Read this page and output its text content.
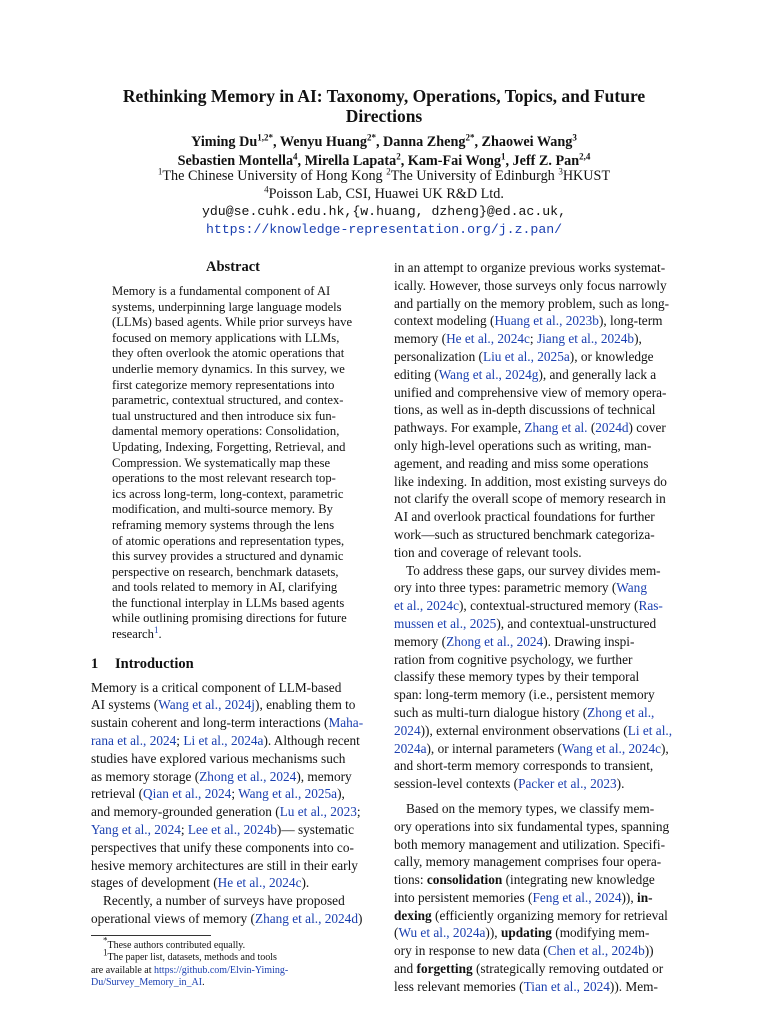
Rethinking Memory in AI: Taxonomy, Operations, Topics, and Future Directions
Yiming $Du^{1,2*}$, Wenyu Huang$^{2*}$, Danna Zheng$^{2*}$, Zhaowei Wang$^3$
Sebastien Montella$^4$, Mirella Lapata$^2$, Kam-Fai Wong$^1$, Jeff Z. Pan$^{2,4}$
$^1$The Chinese University of Hong Kong $^2$The University of Edinburgh $^3$HKUST
$^4$Poisson Lab, CSI, Huawei UK R&D Ltd.
ydu@se.cuhk.edu.hk,{w.huang, dzheng}@ed.ac.uk,
https://knowledge-representation.org/j.z.pan/
Abstract
Memory is a fundamental component of AI
systems, underpinning large language models
(LLMs) based agents. While prior surveys have
focused on memory applications with LLMs,
they often overlook the atomic operations that
underlie memory dynamics. In this survey, we
first categorize memory representations into
parametric, contextual structured, and contex-
tual unstructured and then introduce six fun-
damental memory operations: Consolidation,
Updating, Indexing, Forgetting, Retrieval, and
Compression. We systematically map these
operations to the most relevant research top-
ics across long-term, long-context, parametric
modification, and multi-source memory. By
reframing memory systems through the lens
of atomic operations and representation types,
this survey provides a structured and dynamic
perspective on research, benchmark datasets,
and tools related to memory in AI, clarifying
the functional interplay in LLMs based agents
while outlining promising directions for future
research$^1$.
1 Introduction
Memory is a critical component of LLM-based
AI systems (Wang et al., 2024j), enabling them to
sustain coherent and long-term interactions (Maha-
rana et al., 2024; Li et al., 2024a). Although recent
studies have explored various mechanisms such
as memory storage (Zhong et al., 2024), memory
retrieval (Qian et al., 2024; Wang et al., 2025a),
and memory-grounded generation (Lu et al., 2023;
Yang et al., 2024; Lee et al., 2024b)— systematic
perspectives that unify these components into co-
hesive memory architectures are still in their early
stages of development (He et al., 2024c).
Recently, a number of surveys have proposed
operational views of memory (Zhang et al., 2024d)
*These authors contributed equally.
$^1$The paper list, datasets, methods and tools
are available at https://github.com/Elvin-Yiming-
Du/Survey_Memory_in_AI.
in an attempt to organize previous works systemat-
ically. However, those surveys only focus narrowly
and partially on the memory problem, such as long-
context modeling (Huang et al., 2023b), long-term
memory (He et al., 2024c; Jiang et al., 2024b),
personalization (Liu et al., 2025a), or knowledge
editing (Wang et al., 2024g), and generally lack a
unified and comprehensive view of memory opera-
tions, as well as in-depth discussions of technical
pathways. For example, Zhang et al. (2024d) cover
only high-level operations such as writing, man-
agement, and reading and miss some operations
like indexing. In addition, most existing surveys do
not clarify the overall scope of memory research in
AI and overlook practical foundations for further
work—such as structured benchmark categoriza-
tion and coverage of relevant tools.
To address these gaps, our survey divides mem-
ory into three types: parametric memory (Wang
et al., 2024c), contextual-structured memory (Ras-
mussen et al., 2025), and contextual-unstructured
memory (Zhong et al., 2024). Drawing inspi-
ration from cognitive psychology, we further
classify these memory types by their temporal
span: long-term memory (i.e., persistent memory
such as multi-turn dialogue history (Zhong et al.,
2024)), external environment observations (Li et al.,
2024a), or internal parameters (Wang et al., 2024c),
and short-term memory corresponds to transient,
session-level contexts (Packer et al., 2023).
Based on the memory types, we classify mem-
ory operations into six fundamental types, spanning
both memory management and utilization. Specifi-
cally, memory management comprises four opera-
tions: consolidation (integrating new knowledge
into persistent memories (Feng et al., 2024)), in-
dexing (efficiently organizing memory for retrieval
(Wu et al., 2024a)), updating (modifying mem-
ory in response to new data (Chen et al., 2024b))
and forgetting (strategically removing outdated or
less relevant memories (Tian et al., 2024)). Mem-
